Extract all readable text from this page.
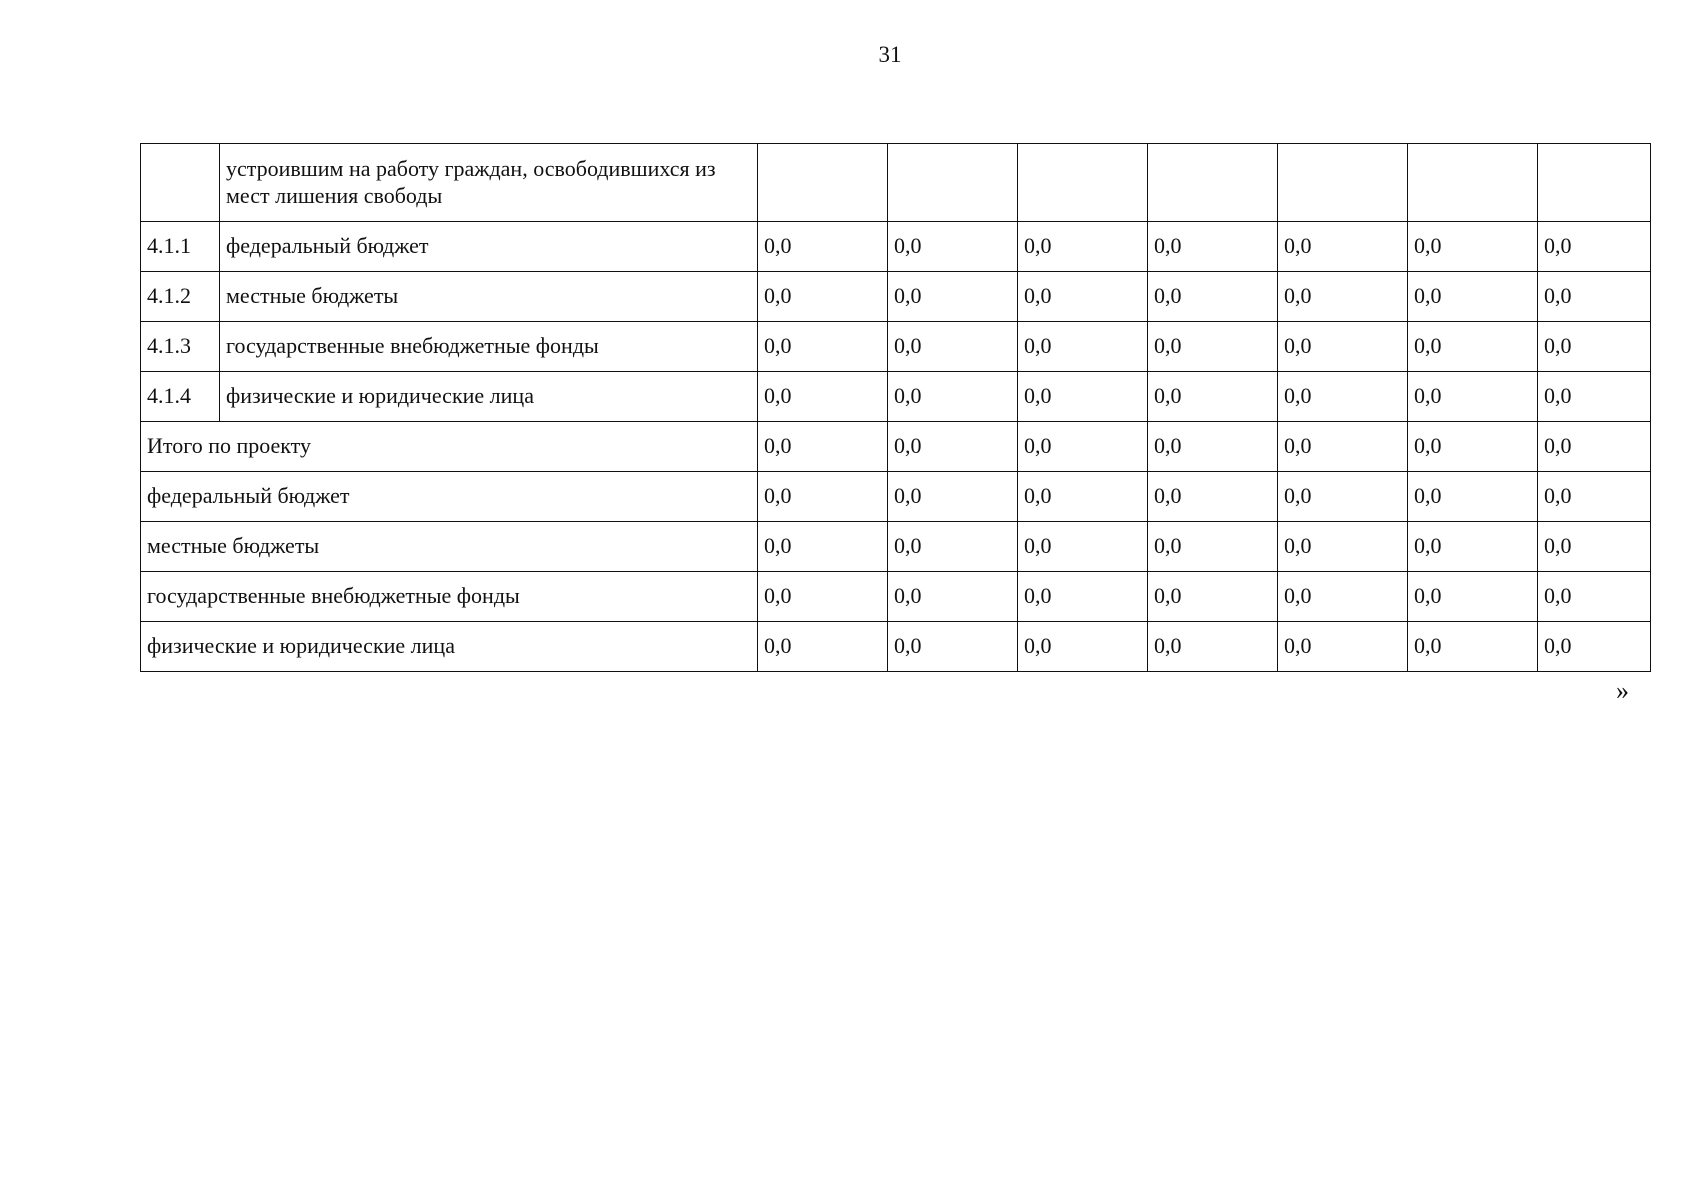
31
	устроившим на работу граждан, освободившихся из мест лишения свободы							
4.1.1	федеральный бюджет	0,0	0,0	0,0	0,0	0,0	0,0	0,0
4.1.2	местные бюджеты	0,0	0,0	0,0	0,0	0,0	0,0	0,0
4.1.3	государственные внебюджетные фонды	0,0	0,0	0,0	0,0	0,0	0,0	0,0
4.1.4	физические и юридические лица	0,0	0,0	0,0	0,0	0,0	0,0	0,0
Итого по проекту		0,0	0,0	0,0	0,0	0,0	0,0	0,0
федеральный бюджет		0,0	0,0	0,0	0,0	0,0	0,0	0,0
местные бюджеты		0,0	0,0	0,0	0,0	0,0	0,0	0,0
государственные внебюджетные фонды		0,0	0,0	0,0	0,0	0,0	0,0	0,0
физические и юридические лица		0,0	0,0	0,0	0,0	0,0	0,0	0,0
»
